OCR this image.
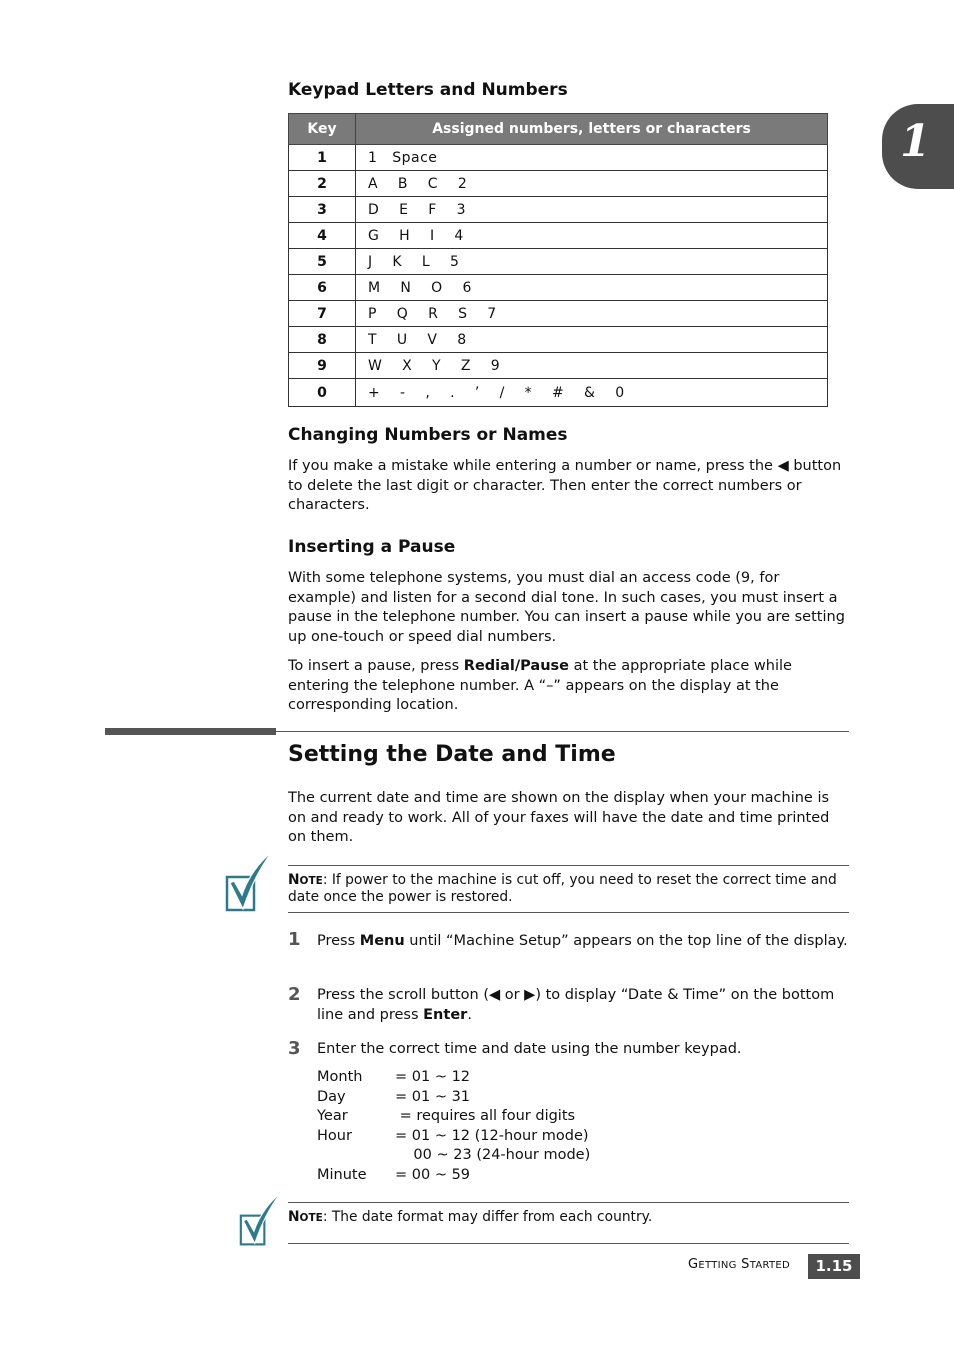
1
Keypad Letters and Numbers
Key	Assigned numbers, letters or characters
1	1   Space
2	A    B    C    2
3	D    E    F    3
4	G    H    I    4
5	J    K    L    5
6	M    N    O    6
7	P    Q    R    S    7
8	T    U    V    8
9	W    X    Y    Z    9
0	+    -    ,    .    ’    /    *    #    &    0
Changing Numbers or Names

If you make a mistake while entering a number or name, press the ◀ button to delete the last digit or character. Then enter the correct numbers or characters.

Inserting a Pause

With some telephone systems, you must dial an access code (9, for example) and listen for a second dial tone. In such cases, you must insert a pause in the telephone number. You can insert a pause while you are setting up one-touch or speed dial numbers.

To insert a pause, press Redial/Pause at the appropriate place while entering the telephone number. A “–” appears on the display at the corresponding location.

Setting the Date and Time

The current date and time are shown on the display when your machine is on and ready to work. All of your faxes will have the date and time printed on them.

NOTE: If power to the machine is cut off, you need to reset the correct time and date once the power is restored.
1 Press Menu until “Machine Setup” appears on the top line of the display.

2 Press the scroll button (◀ or ▶) to display “Date & Time” on the bottom line and press Enter.

3 Enter the correct time and date using the number keypad.

Month = 01 ~ 12
Day	= 01 ~ 31
Year	= requires all four digits
Hour	= 01 ~ 12 (12-hour mode)
00 ~ 23 (24-hour mode)
Minute = 00 ~ 59
NOTE: The date format may differ from each country.
GETTING STARTED	1.15
